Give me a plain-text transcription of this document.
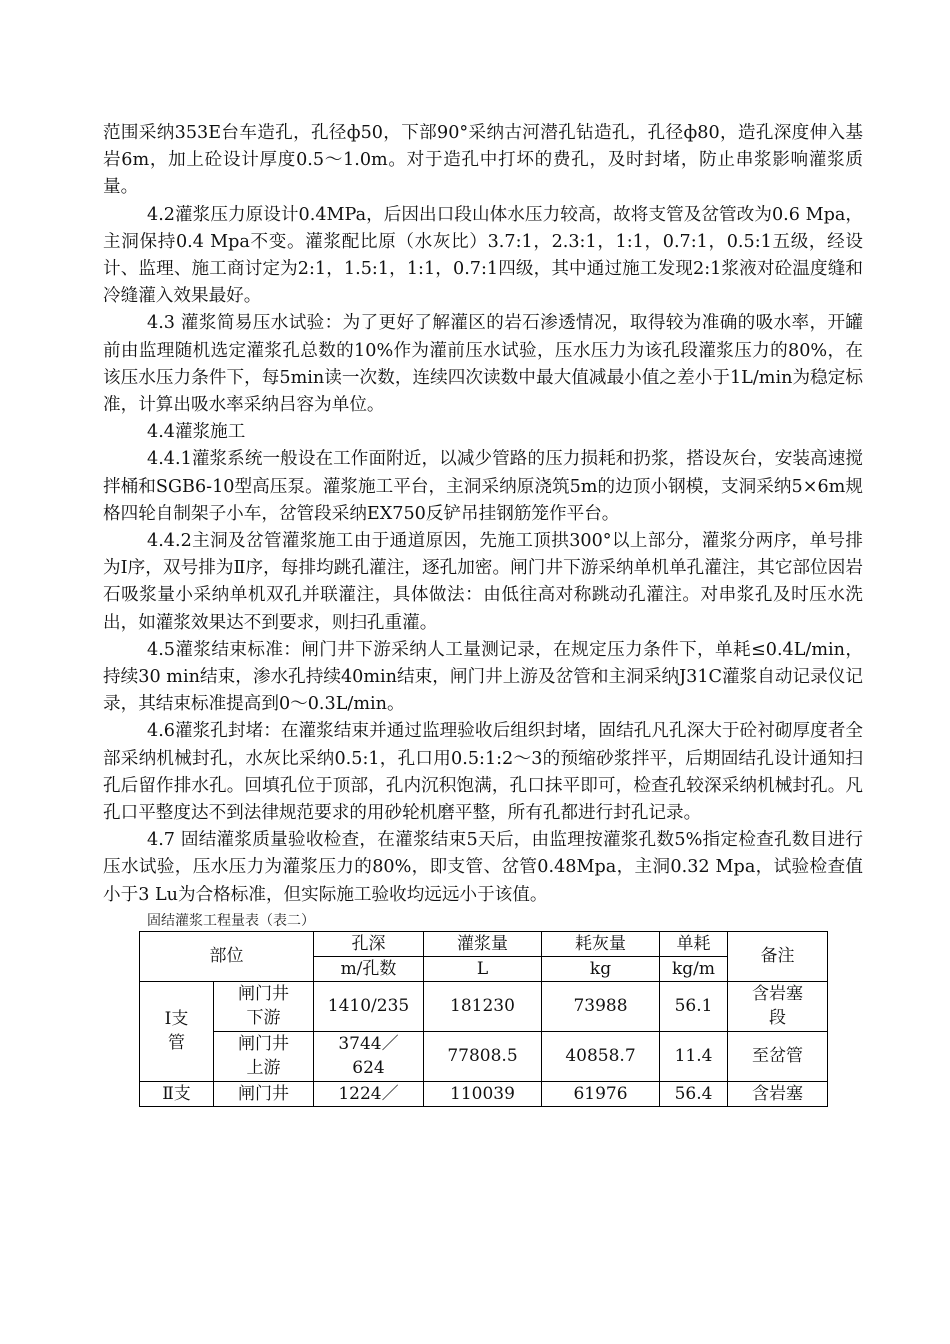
范围采纳353E台车造孔，孔径ф50，下部90°采纳古河潜孔钻造孔，孔径ф80，造孔深度伸入基岩6m，加上砼设计厚度0.5～1.0m。对于造孔中打坏的费孔，及时封堵，防止串浆影响灌浆质量。

4.2灌浆压力原设计0.4MPa，后因出口段山体水压力较高，故将支管及岔管改为0.6 Mpa，主洞保持0.4 Mpa不变。灌浆配比原（水灰比）3.7:1，2.3:1，1:1，0.7:1，0.5:1五级，经设计、监理、施工商讨定为2:1，1.5:1，1:1，0.7:1四级，其中通过施工发现2:1浆液对砼温度缝和冷缝灌入效果最好。

4.3 灌浆简易压水试验：为了更好了解灌区的岩石渗透情况，取得较为准确的吸水率，开罐前由监理随机选定灌浆孔总数的10%作为灌前压水试验，压水压力为该孔段灌浆压力的80%，在该压水压力条件下，每5min读一次数，连续四次读数中最大值减最小值之差小于1L/min为稳定标准，计算出吸水率采纳吕容为单位。

4.4灌浆施工

4.4.1灌浆系统一般设在工作面附近，以减少管路的压力损耗和扔浆，搭设灰台，安装高速搅拌桶和SGB6-10型高压泵。灌浆施工平台，主洞采纳原浇筑5m的边顶小钢模，支洞采纳5×6m规格四轮自制架子小车，岔管段采纳EX750反铲吊挂钢筋笼作平台。

4.4.2主洞及岔管灌浆施工由于通道原因，先施工顶拱300°以上部分，灌浆分两序，单号排为Ⅰ序，双号排为Ⅱ序，每排均跳孔灌注，逐孔加密。闸门井下游采纳单机单孔灌注，其它部位因岩石吸浆量小采纳单机双孔并联灌注，具体做法：由低往高对称跳动孔灌注。对串浆孔及时压水洗出，如灌浆效果达不到要求，则扫孔重灌。

4.5灌浆结束标准：闸门井下游采纳人工量测记录，在规定压力条件下，单耗≤0.4L/min，持续30 min结束，渗水孔持续40min结束，闸门井上游及岔管和主洞采纳J31C灌浆自动记录仪记录，其结束标准提高到0～0.3L/min。

4.6灌浆孔封堵：在灌浆结束并通过监理验收后组织封堵，固结孔凡孔深大于砼衬砌厚度者全部采纳机械封孔，水灰比采纳0.5:1，孔口用0.5:1:2～3的预缩砂浆拌平，后期固结孔设计通知扫孔后留作排水孔。回填孔位于顶部，孔内沉积饱满，孔口抹平即可，检查孔较深采纳机械封孔。凡孔口平整度达不到法律规范要求的用砂轮机磨平整，所有孔都进行封孔记录。

4.7 固结灌浆质量验收检查，在灌浆结束5天后，由监理按灌浆孔数5%指定检查孔数目进行压水试验，压水压力为灌浆压力的80%，即支管、岔管0.48Mpa，主洞0.32 Mpa，试验检查值小于3 Lu为合格标准，但实际施工验收均远远小于该值。

固结灌浆工程量表（表二）
部位		孔深	灌浆量	耗灰量	单耗	备注
		m/孔数	L	kg	kg/m	
Ⅰ支管	闸门井下游	1410/235	181230	73988	56.1	含岩塞段
	闸门井上游	3744／624	77808.5	40858.7	11.4	至岔管
Ⅱ支	闸门井	1224／	110039	61976	56.4	含岩塞
